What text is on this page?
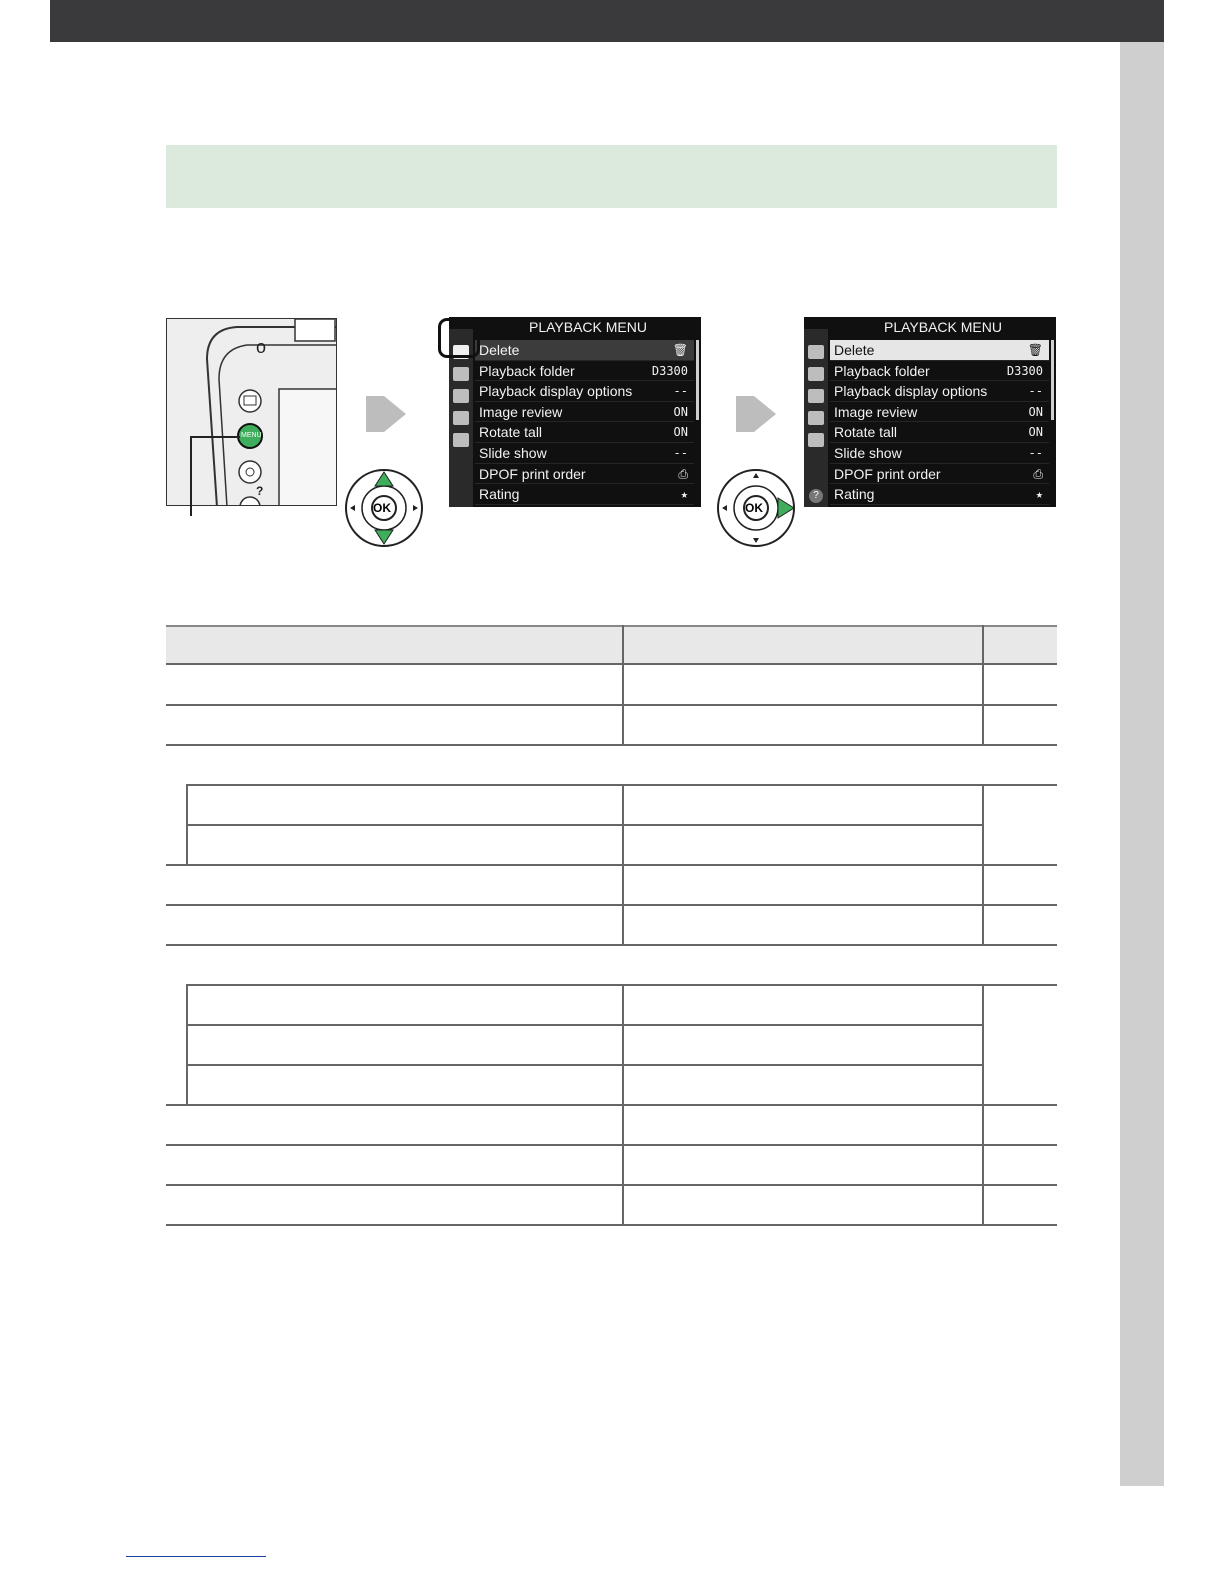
o
MENU
?
OK	OK
PLAYBACK MENU
Delete	🗑
Playback folder	D3300
Playback display options	--
Image review	ON
Rotate tall	ON
Slide show	--
DPOF print order	⎙
Rating	★
PLAYBACK MENU
Delete	🗑
Playback folder	D3300
Playback display options	--
Image review	ON
Rotate tall	ON
Slide show	--
DPOF print order	⎙
Rating	★
?
